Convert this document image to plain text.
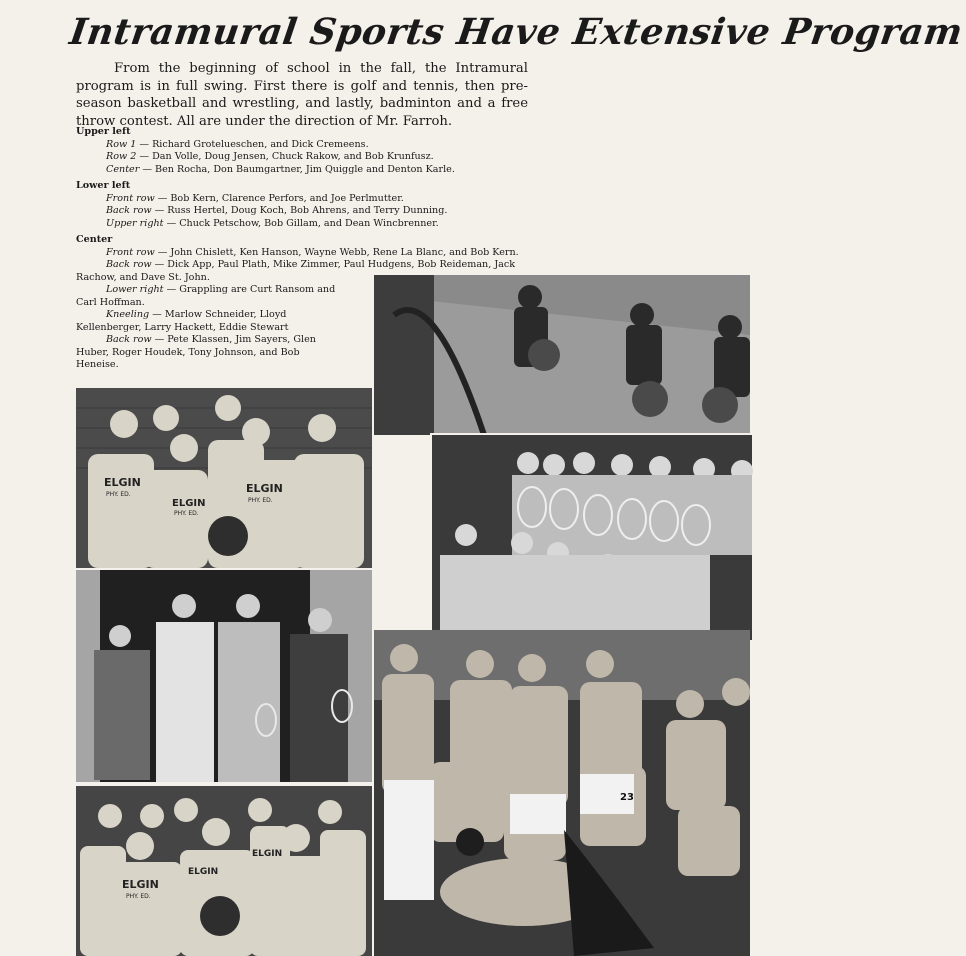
Intramural Sports Have Extensive Program

From the beginning of school in the fall, the Intramural program is in full swing. First there is golf and tennis, then pre-season basketball and wrestling, and lastly, badminton and a free throw contest. All are under the direction of Mr. Farroh.

Upper left
Row 1 — Richard Grotelueschen, and Dick Cremeens.
Row 2 — Dan Volle, Doug Jensen, Chuck Rakow, and Bob Krunfusz.
Center — Ben Rocha, Don Baumgartner, Jim Quiggle and Denton Karle.
Lower left
Front row — Bob Kern, Clarence Perfors, and Joe Perlmutter.
Back row — Russ Hertel, Doug Koch, Bob Ahrens, and Terry Dunning.
Upper right — Chuck Petschow, Bob Gillam, and Dean Wincbrenner.
Center
Front row — John Chislett, Ken Hanson, Wayne Webb, Rene La Blanc, and Bob Kern.
Back row — Dick App, Paul Plath, Mike Zimmer, Paul Hudgens, Bob Reideman, Jack Rachow, and Dave St. John.
Lower right — Grappling are Curt Ransom and Carl Hoffman.
Kneeling — Marlow Schneider, Lloyd Kellenberger, Larry Hackett, Eddie Stewart
Back row — Pete Klassen, Jim Sayers, Glen Huber, Roger Houdek, Tony Johnson, and Bob Heneise.
ELGIN
PHY. ED.
ELGIN
PHY. ED.
ELGIN
PHY. ED.
ELGIN
PHY. ED.
ELGIN
ELGIN
23
